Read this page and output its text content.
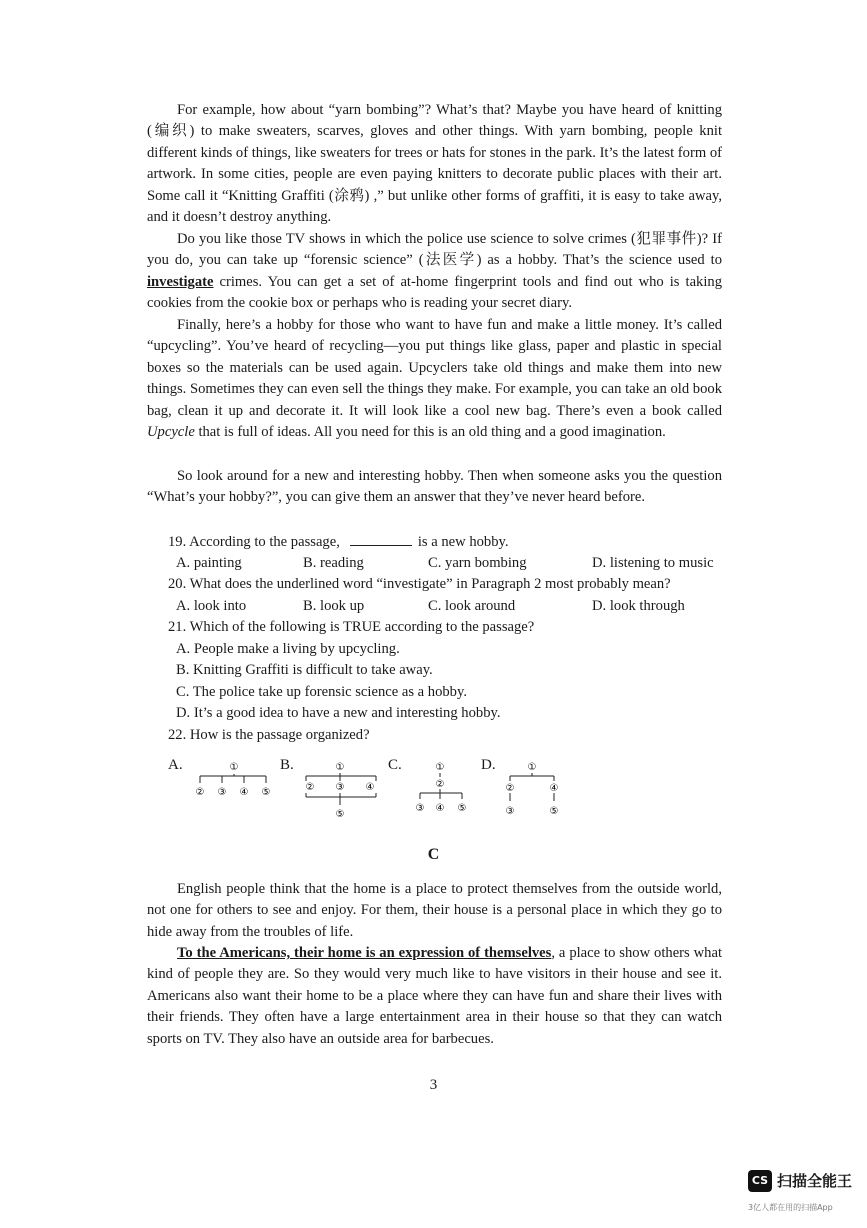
For example, how about “yarn bombing”? What’s that? Maybe you have heard of knitting (编织) to make sweaters, scarves, gloves and other things. With yarn bombing, people knit different kinds of things, like sweaters for trees or hats for stones in the park. It’s the latest form of artwork. In some cities, people are even paying knitters to decorate public places with their art. Some call it “Knitting Graffiti (涂鸦) ,” but unlike other forms of graffiti, it is easy to take away, and it doesn’t destroy anything.

Do you like those TV shows in which the police use science to solve crimes (犯罪事件)? If you do, you can take up “forensic science” (法医学) as a hobby. That’s the science used to investigate crimes. You can get a set of at-home fingerprint tools and find out who is taking cookies from the cookie box or perhaps who is reading your secret diary.

Finally, here’s a hobby for those who want to have fun and make a little money. It’s called “upcycling”. You’ve heard of recycling—you put things like glass, paper and plastic in special boxes so the materials can be used again. Upcyclers take old things and make them into new things. Sometimes they can even sell the things they make. For example, you can take an old book bag, clean it up and decorate it. It will look like a cool new bag. There’s even a book called Upcycle that is full of ideas. All you need for this is an old thing and a good imagination.

So look around for a new and interesting hobby. Then when someone asks you the question “What’s your hobby?”, you can give them an answer that they’ve never heard before.

19. According to the passage,	is a new hobby.
A. painting	B. reading	C. yarn bombing	D. listening to music
20. What does the underlined word “investigate” in Paragraph 2 most probably mean?
A. look into	B. look up	C. look around	D. look through
21. Which of the following is TRUE according to the passage?
A. People make a living by upcycling.
B. Knitting Graffiti is difficult to take away.
C. The police take up forensic science as a hobby.
D. It’s a good idea to have a new and interesting hobby.
22. How is the passage organized?
A.	①
② ③ ④ ⑤
B.	①
② ③ ④
⑤
C.	①
②
③ ④ ⑤
D.	①
②	④
③	⑤
C

English people think that the home is a place to protect themselves from the outside world, not one for others to see and enjoy. For them, their house is a personal place in which they go to hide away from the troubles of life.

To the Americans, their home is an expression of themselves, a place to show others what kind of people they are. So they would very much like to have visitors in their house and see it. Americans also want their home to be a place where they can have fun and share their lives with their friends. They often have a large entertainment area in their house so that they can watch sports on TV. They also have an outside area for barbecues.

3
CS 扫描全能王
3亿人都在用的扫描App
